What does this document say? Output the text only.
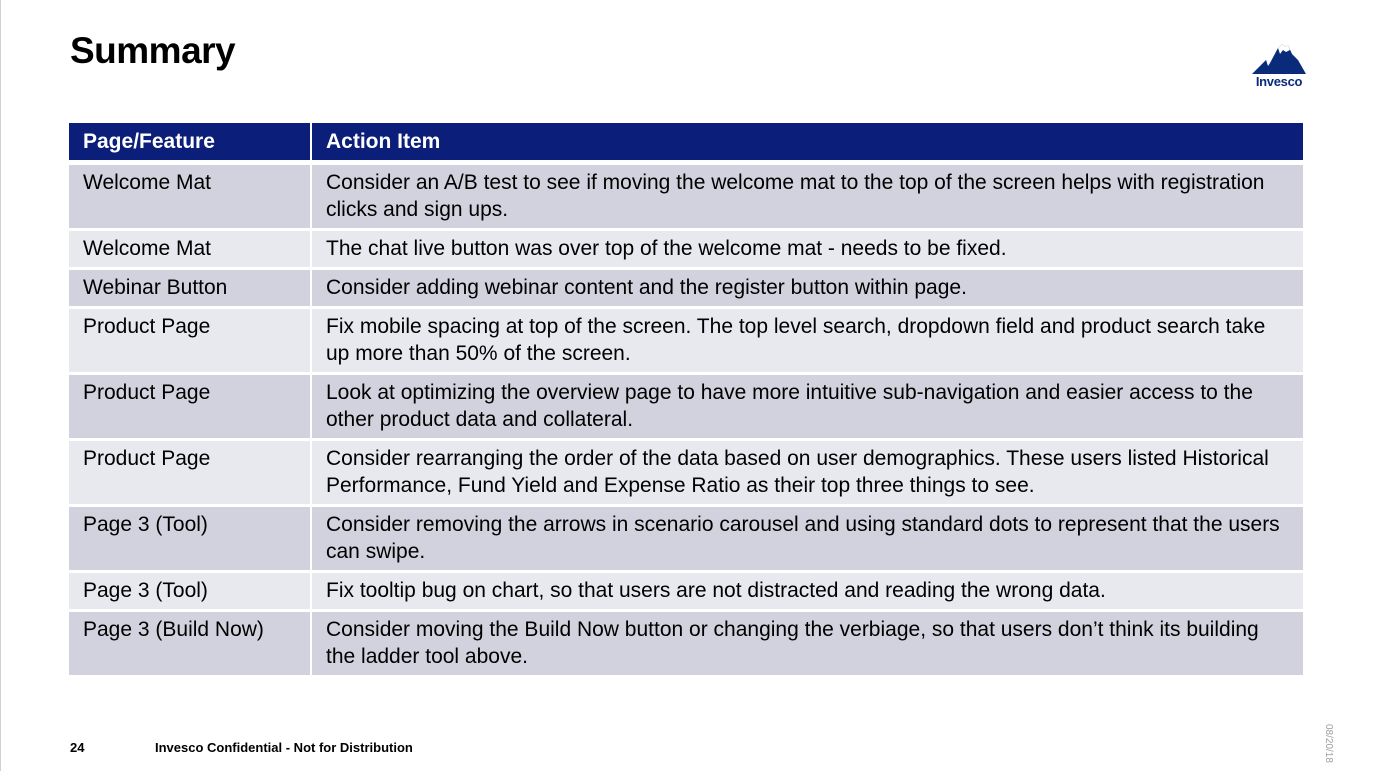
Summary
Invesco
Page/Feature	Action Item
Welcome Mat	Consider an A/B test to see if moving the welcome mat to the top of the screen helps with registration clicks and sign ups.
Welcome Mat	The chat live button was over top of the welcome mat - needs to be fixed.
Webinar Button	Consider adding webinar content and the register button within page.
Product Page	Fix mobile spacing at top of the screen. The top level search, dropdown field and product search take up more than 50% of the screen.
Product Page	Look at optimizing the overview page to have more intuitive sub-navigation and easier access to the other product data and collateral.
Product Page	Consider rearranging the order of the data based on user demographics. These users listed Historical Performance, Fund Yield and Expense Ratio as their top three things to see.
Page 3 (Tool)	Consider removing the arrows in scenario carousel and using standard dots to represent that the users can swipe.
Page 3 (Tool)	Fix tooltip bug on chart, so that users are not distracted and reading the wrong data.
Page 3 (Build Now)	Consider moving the Build Now button or changing the verbiage, so that users don’t think its building the ladder tool above.
24	Invesco Confidential - Not for Distribution	08/20/18
